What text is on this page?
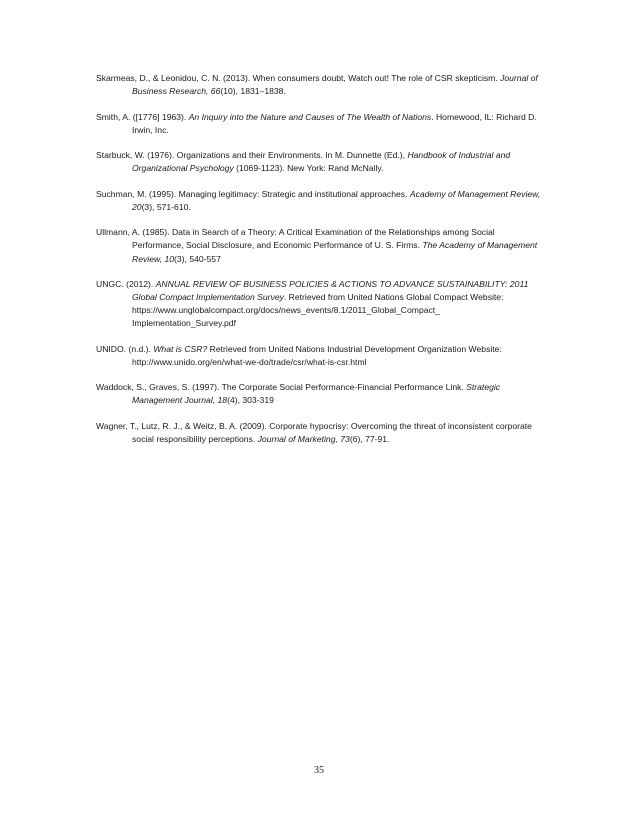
Skarmeas, D., & Leonidou, C. N. (2013). When consumers doubt, Watch out! The role of CSR skepticism. Journal of Business Research, 66(10), 1831–1838.

Smith, A. ([1776] 1963). An Inquiry into the Nature and Causes of The Wealth of Nations. Homewood, IL: Richard D. Irwin, Inc.

Starbuck, W. (1976). Organizations and their Environments. In M. Dunnette (Ed.), Handbook of Industrial and Organizational Psychology (1069-1123). New York: Rand McNally.

Suchman, M. (1995). Managing legitimacy: Strategic and institutional approaches. Academy of Management Review, 20(3), 571-610.

Ullmann, A. (1985). Data in Search of a Theory: A Critical Examination of the Relationships among Social Performance, Social Disclosure, and Economic Performance of U. S. Firms. The Academy of Management Review, 10(3), 540-557

UNGC. (2012). ANNUAL REVIEW OF BUSINESS POLICIES & ACTIONS TO ADVANCE SUSTAINABILITY: 2011 Global Compact Implementation Survey. Retrieved from United Nations Global Compact Website: https://www.unglobalcompact.org/docs/news_events/8.1/2011_Global_Compact_ Implementation_Survey.pdf

UNIDO. (n.d.). What is CSR? Retrieved from United Nations Industrial Development Organization Website: http://www.unido.org/en/what-we-do/trade/csr/what-is-csr.html

Waddock, S., Graves, S. (1997). The Corporate Social Performance-Financial Performance Link. Strategic Management Journal, 18(4), 303-319

Wagner, T., Lutz, R. J., & Weitz, B. A. (2009). Corporate hypocrisy: Overcoming the threat of inconsistent corporate social responsibility perceptions. Journal of Marketing, 73(6), 77-91.

35
